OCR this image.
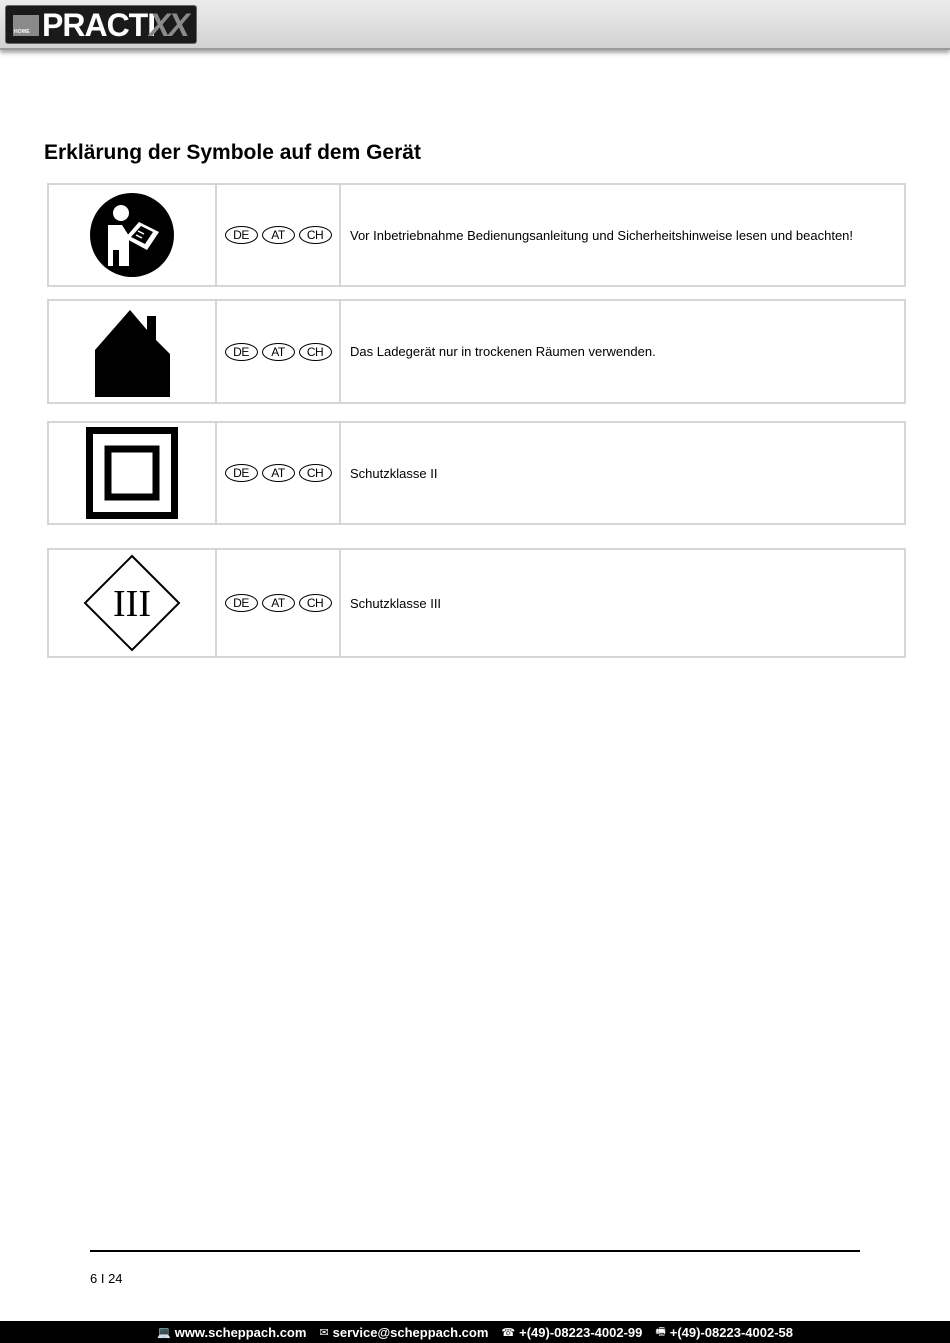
HOME PRACTI
XX
Erklärung der Symbole auf dem Gerät
DE	AT	CH	Vor Inbetriebnahme Bedienungsanleitung und Sicherheitshinweise lesen und beachten!
DE	AT	CH	Das Ladegerät nur in trockenen Räumen verwenden.
DE	AT	CH	Schutzklasse II
III	DE	AT	CH	Schutzklasse III
6 I 24
💻 www.scheppach.com ✉ service@scheppach.com ☎ +(49)-08223-4002-99 🖷 +(49)-08223-4002-58
